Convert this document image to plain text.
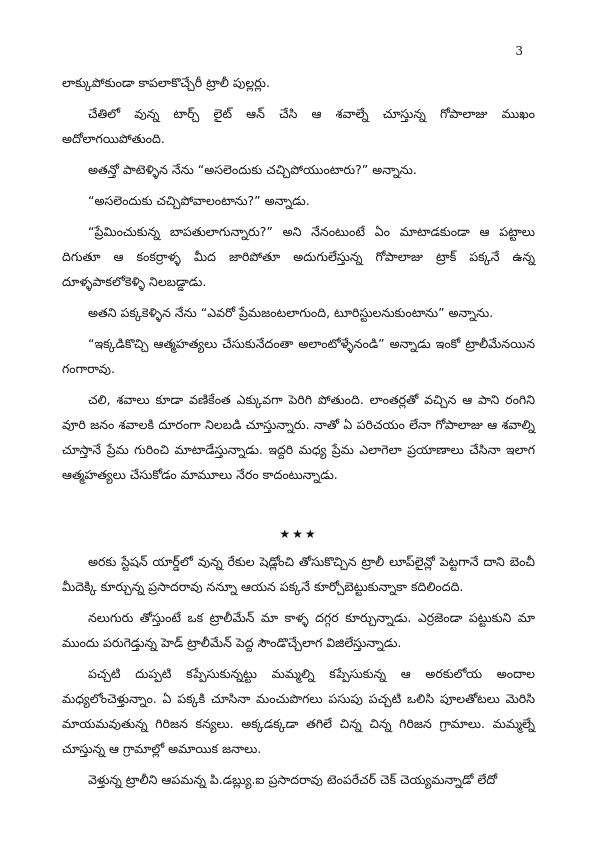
3

లాక్కుపోకుండా కాపలాకొచ్చేరీ ట్రాలీ పుల్లర్లు.

చేతిలో వున్న టార్చ్ లైట్ ఆన్ చేసి ఆ శవాల్నే చూస్తున్న గోపాలాజు ముఖం అదోలాగయిపోతుంది.

అతన్తో పాటెళ్ళిన నేను “అసలెందుకు చచ్చిపోయుంటారు?” అన్నాను.

“అసలెందుకు చచ్చిపోవాలంటాను?” అన్నాడు.

“ప్రేమించుకున్న బాపతులాగున్నారు?” అని నేనంటుంటే ఏం మాటాడకుండా ఆ పట్టాలు దిగుతూ ఆ కంకర్రాళ్ళ మీద జారిపోతూ అదుగులేస్తున్న గోపాలాజు ట్రాక్ పక్కనే ఉన్న దూళ్ళపాకలోకెళ్ళి నిలబడ్డాడు.

అతని పక్కకెళ్ళిన నేను “ఎవరో ప్రేమజంటలాగుంది, టూరిస్టులనుకుంటాను” అన్నాను.

“ఇక్కడికొచ్చి ఆత్మహత్యలు చేసుకునేదంతా అలాంటోళ్ళేనండి” అన్నాడు ఇంకో ట్రాలీమేనయిన గంగారావు.

చలి, శవాలు కూడా వణికేంత ఎక్కువగా పెరిగి పోతుంది. లాంతర్లతో వచ్చిన ఆ పాని రంగిని వూరి జనం శవాలకి దూరంగా నిలబడి చూస్తున్నారు. నాతో ఏ పరిచయం లేనా గోపాలాజు ఆ శవాల్ని చూస్తానే ప్రేమ గురించి మాటాడేస్తున్నాడు. ఇద్దరి మధ్య ప్రేమ ఎలాగెలా ప్రయాణాలు చేసినా ఇలాగ ఆత్మహత్యలు చేసుకోడం మామూలు నేరం కాదంటున్నాడు.

★★★

అరకు స్టేషన్ యార్డ్‌లో వున్న రేకుల షెడ్లోంచి తోసుకొచ్చిన ట్రాలీ లూప్‌లైన్లో పెట్టగానే దాని బెంచీ మీదెక్కి కూర్చున్న ప్రసాదరావు నన్నూ ఆయన పక్కనే కూర్చోబెట్టుకున్నాకా కదిలిందది.

నలుగురు తోస్తుంటే ఒక ట్రాలీమేన్ మా కాళ్ళ దగ్గర కూర్చున్నాడు. ఎర్రజెండా పట్టుకుని మా ముందు పరుగెడ్తున్న హెడ్ ట్రాలీమేన్ పెద్ద సౌండొచ్చేలాగ విజిలేస్తున్నాడు.

పచ్చటి దుప్పటి కప్పేసుకున్నట్టు మమ్మల్ని కప్పేసుకున్న ఆ అరకులోయ అందాల మధ్యలోంచెళ్తున్నాం. ఏ పక్కకి చూసినా మంచుపొగలు పసుపు పచ్చటి ఒలిసి పూలతోటలు మెరిసి మాయమవుతున్న గిరిజన కన్యలు. అక్కడక్కడా తగిలే చిన్న చిన్న గిరిజన గ్రామాలు. మమ్మల్నే చూస్తున్న ఆ గ్రామాల్లో అమాయిక జనాలు.

వెళ్తున్న ట్రాలీని ఆపమన్న పి.డబ్ల్యు.ఐ ప్రసాదరావు టెంపరేచర్ చెక్ చెయ్యమన్నాడో లేదో
